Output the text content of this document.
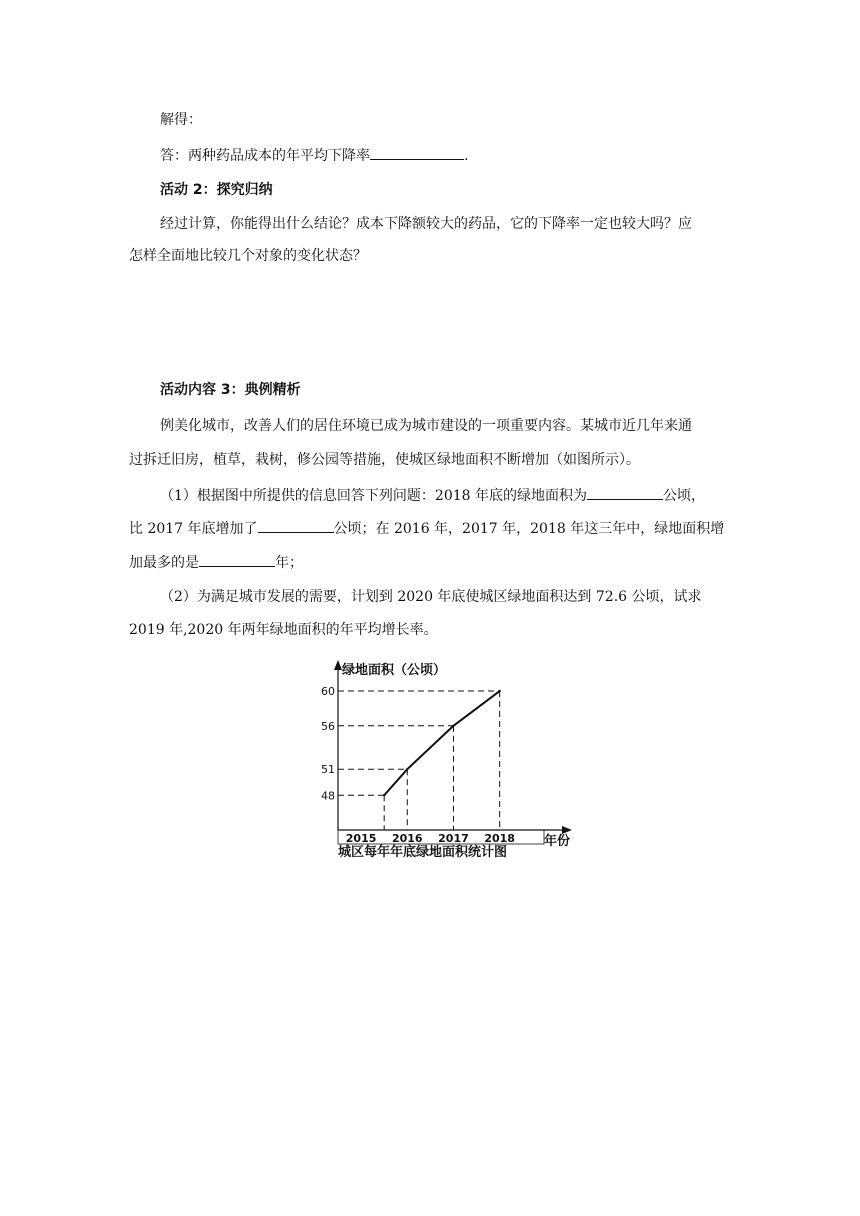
解得：
答：两种药品成本的年平均下降率	.
活动 2：探究归纳
经过计算，你能得出什么结论？成本下降额较大的药品，它的下降率一定也较大吗？应
怎样全面地比较几个对象的变化状态？
活动内容 3：典例精析
例美化城市，改善人们的居住环境已成为城市建设的一项重要内容。某城市近几年来通
过拆迁旧房，植草，栽树，修公园等措施，使城区绿地面积不断增加（如图所示）。
（1）根据图中所提供的信息回答下列问题：2018 年底的绿地面积为	公顷，
比 2017 年底增加了	公顷；在 2016 年，2017 年，2018 年这三年中，绿地面积增
加最多的是	年；
（2）为满足城市发展的需要，计划到 2020 年底使城区绿地面积达到 72.6 公顷，试求
2019 年,2020 年两年绿地面积的年平均增长率。
48
51
56
60
2015 2016 2017 2018
绿地面积（公顷）
年份
城区每年年底绿地面积统计图
